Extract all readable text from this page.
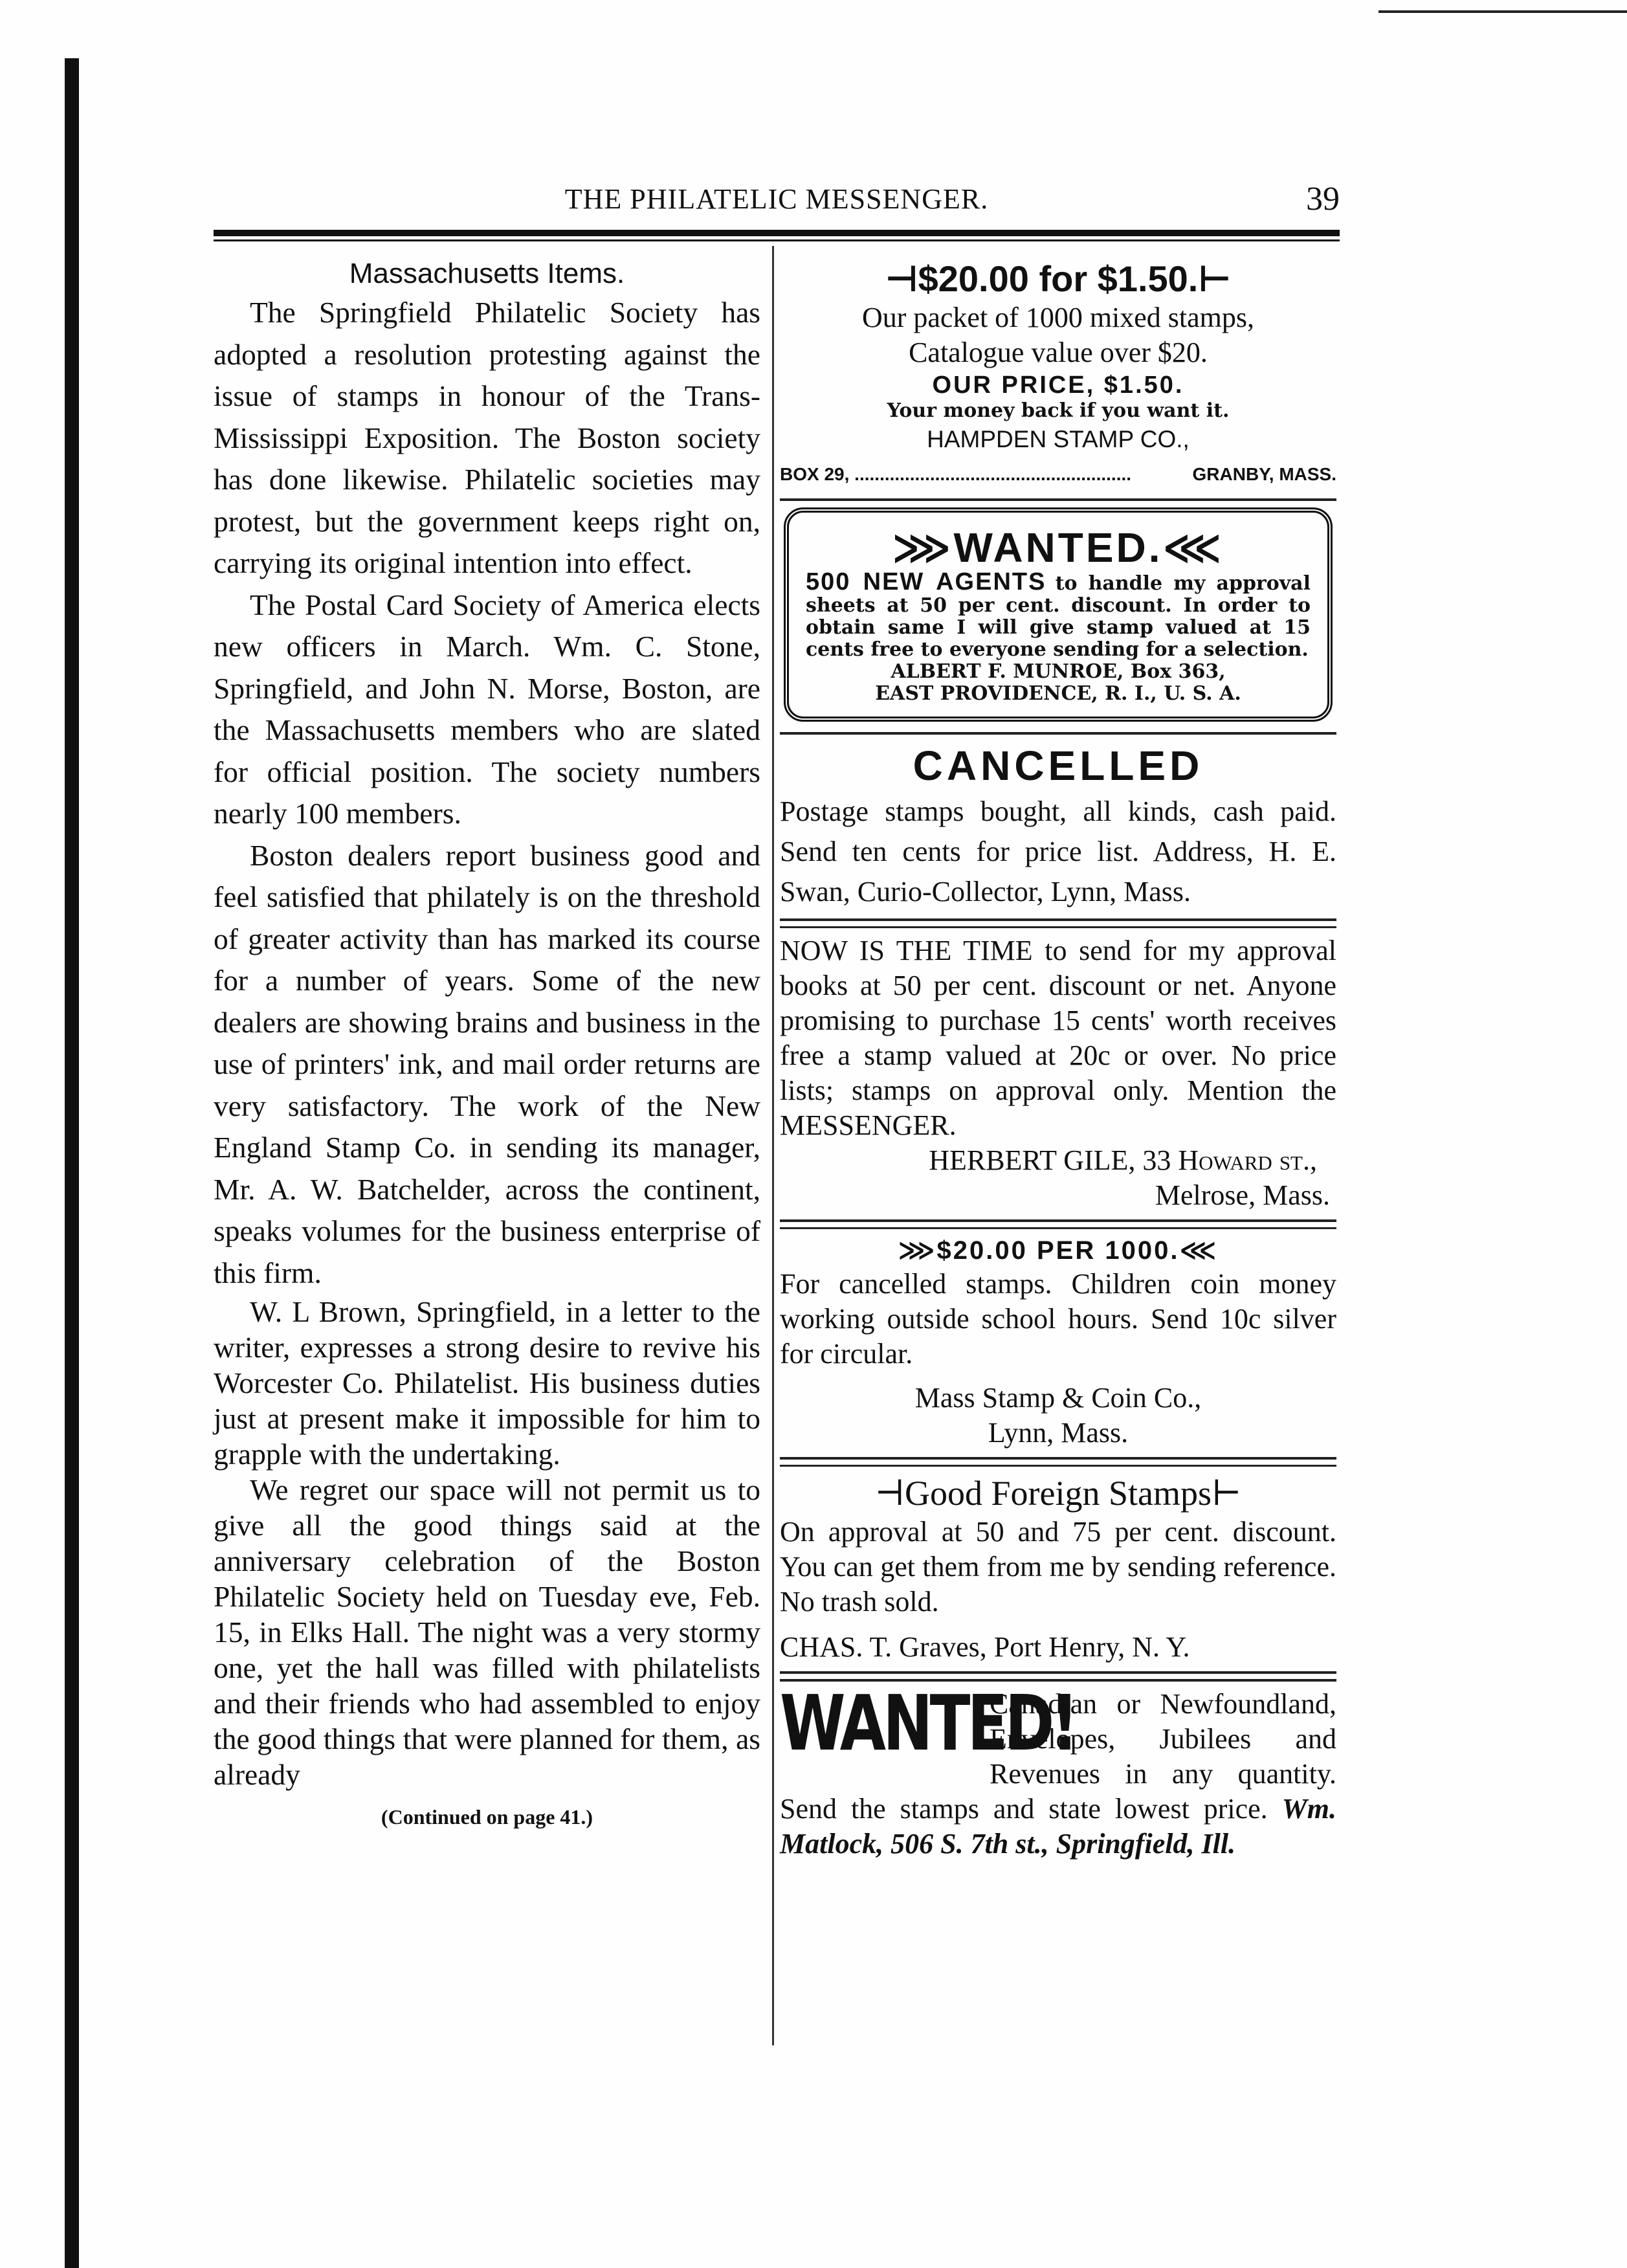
THE PHILATELIC MESSENGER.	39
Massachusetts Items.

The Springfield Philatelic Society has adopted a resolution protesting against the issue of stamps in honour of the Trans-Mississippi Exposition. The Boston society has done likewise. Philatelic societies may protest, but the government keeps right on, carrying its original intention into effect.

The Postal Card Society of America elects new officers in March. Wm. C. Stone, Springfield, and John N. Morse, Boston, are the Massachusetts members who are slated for official position. The society numbers nearly 100 members.

Boston dealers report business good and feel satisfied that philately is on the threshold of greater activity than has marked its course for a number of years. Some of the new dealers are showing brains and business in the use of printers' ink, and mail order returns are very satisfactory. The work of the New England Stamp Co. in sending its manager, Mr. A. W. Batchelder, across the continent, speaks volumes for the business enterprise of this firm.

W. L Brown, Springfield, in a letter to the writer, expresses a strong desire to revive his Worcester Co. Philatelist. His business duties just at present make it impossible for him to grapple with the undertaking.

We regret our space will not permit us to give all the good things said at the anniversary celebration of the Boston Philatelic Society held on Tuesday eve, Feb. 15, in Elks Hall. The night was a very stormy one, yet the hall was filled with philatelists and their friends who had assembled to enjoy the good things that were planned for them, as already

(Continued on page 41.)
⊣$20.00 for $1.50.⊢
Our packet of 1000 mixed stamps,
Catalogue value over $20.
OUR PRICE, $1.50.
Your money back if you want it.
HAMPDEN STAMP CO.,
BOX 29, .......................................................	GRANBY, MASS.
⋙WANTED.⋘
500 NEW AGENTS to handle my approval sheets at 50 per cent. discount. In order to obtain same I will give stamp valued at 15 cents free to everyone sending for a selection.
ALBERT F. MUNROE, Box 363,
EAST PROVIDENCE, R. I., U. S. A.
CANCELLED
Postage stamps bought, all kinds, cash paid. Send ten cents for price list. Address, H. E. Swan, Curio-Collector, Lynn, Mass.
NOW IS THE TIME to send for my approval books at 50 per cent. discount or net. Anyone promising to purchase 15 cents' worth receives free a stamp valued at 20c or over. No price lists; stamps on approval only. Mention the MESSENGER.
HERBERT GILE, 33 Howard st.,
Melrose, Mass.
⋙$20.00 PER 1000.⋘
For cancelled stamps. Children coin money working outside school hours. Send 10c silver for circular.
Mass Stamp & Coin Co.,
Lynn, Mass.
⊣Good Foreign Stamps⊢
On approval at 50 and 75 per cent. discount. You can get them from me by sending reference. No trash sold.
CHAS. T. Graves, Port Henry, N. Y.
WANTED!
Canadian or Newfoundland, Envelopes, Jubilees and Revenues in any quantity. Send the stamps and state lowest price. Wm. Matlock, 506 S. 7th st., Springfield, Ill.
